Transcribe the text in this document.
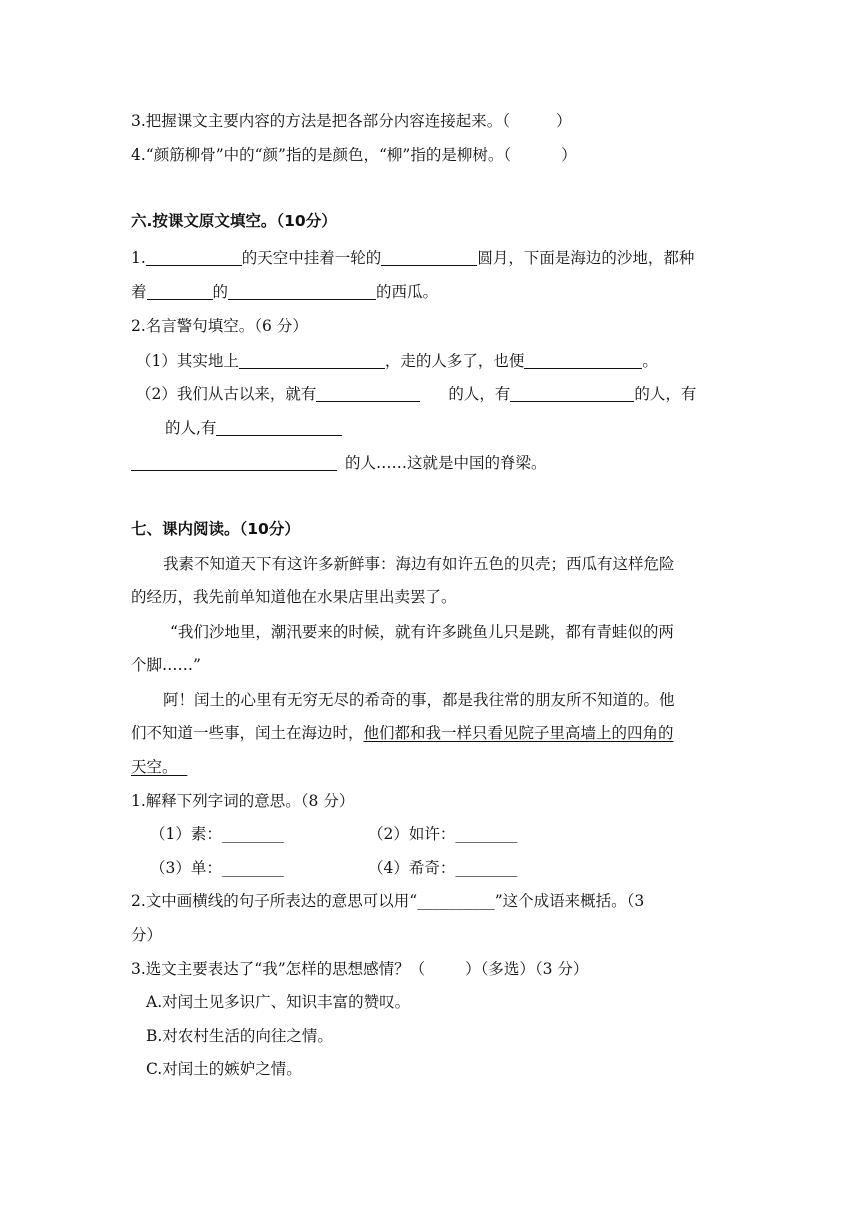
3.把握课文主要内容的方法是把各部分内容连接起来。（	）
4.“颜筋柳骨”中的“颜”指的是颜色，“柳”指的是柳树。（	）
六.按课文原文填空。（10分）
1.	的天空中挂着一轮的	圆月，下面是海边的沙地，都种
着	的	的西瓜。
2.名言警句填空。（6 分）
（1）其实地上	，走的人多了，也便	。
（2）我们从古以来，就有	的人，有	的人，有
的人,有
的人……这就是中国的脊梁。
七、课内阅读。（10分）
我素不知道天下有这许多新鲜事：海边有如许五色的贝壳；西瓜有这样危险
的经历，我先前单知道他在水果店里出卖罢了。
“我们沙地里，潮汛要来的时候，就有许多跳鱼儿只是跳，都有青蛙似的两
个脚……”
阿！闰土的心里有无穷无尽的希奇的事，都是我往常的朋友所不知道的。他
们不知道一些事，闰土在海边时，他们都和我一样只看见院子里高墙上的四角的
天空。
1.解释下列字词的意思。（8 分）
（1）素：________	（2）如许：________
（3）单：________	（4）希奇：________
2.文中画横线的句子所表达的意思可以用“__________”这个成语来概括。（3
分）
3.选文主要表达了“我”怎样的思想感情？（	）（多选）（3 分）
A.对闰土见多识广、知识丰富的赞叹。
B.对农村生活的向往之情。
C.对闰土的嫉妒之情。
